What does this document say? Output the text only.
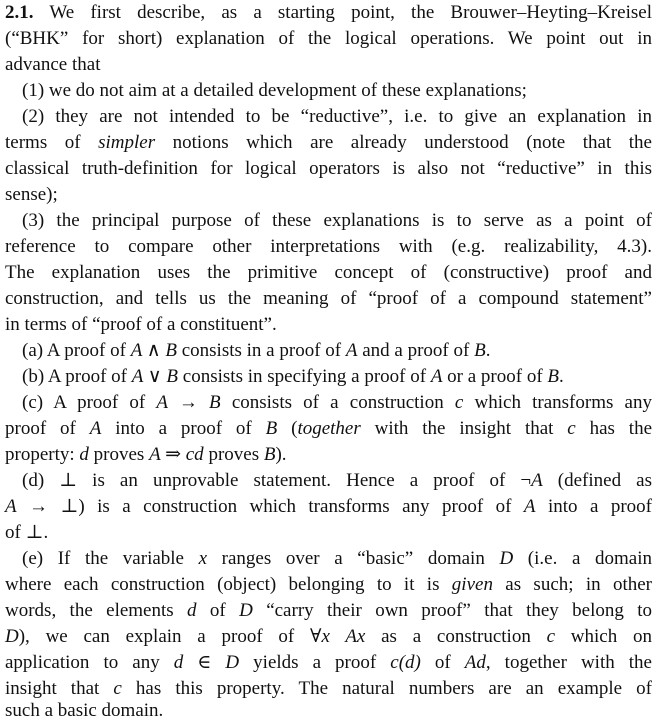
2.1. We first describe, as a starting point, the Brouwer–Heyting–Kreisel
(“BHK” for short) explanation of the logical operations. We point out in
advance that
(1) we do not aim at a detailed development of these explanations;
(2) they are not intended to be “reductive”, i.e. to give an explanation in
terms of simpler notions which are already understood (note that the
classical truth-definition for logical operators is also not “reductive” in this
sense);
(3) the principal purpose of these explanations is to serve as a point of
reference to compare other interpretations with (e.g. realizability, 4.3).
The explanation uses the primitive concept of (constructive) proof and
construction, and tells us the meaning of “proof of a compound statement”
in terms of “proof of a constituent”.
(a) A proof of A ∧ B consists in a proof of A and a proof of B.
(b) A proof of A ∨ B consists in specifying a proof of A or a proof of B.
(c) A proof of A → B consists of a construction c which transforms any
proof of A into a proof of B (together with the insight that c has the
property: d proves A ⇒ cd proves B).
(d) ⊥ is an unprovable statement. Hence a proof of ¬A (defined as
A → ⊥) is a construction which transforms any proof of A into a proof
of ⊥.
(e) If the variable x ranges over a “basic” domain D (i.e. a domain
where each construction (object) belonging to it is given as such; in other
words, the elements d of D “carry their own proof” that they belong to
D), we can explain a proof of ∀x Ax as a construction c which on
application to any d ∈ D yields a proof c(d) of Ad, together with the
insight that c has this property. The natural numbers are an example of
such a basic domain.
